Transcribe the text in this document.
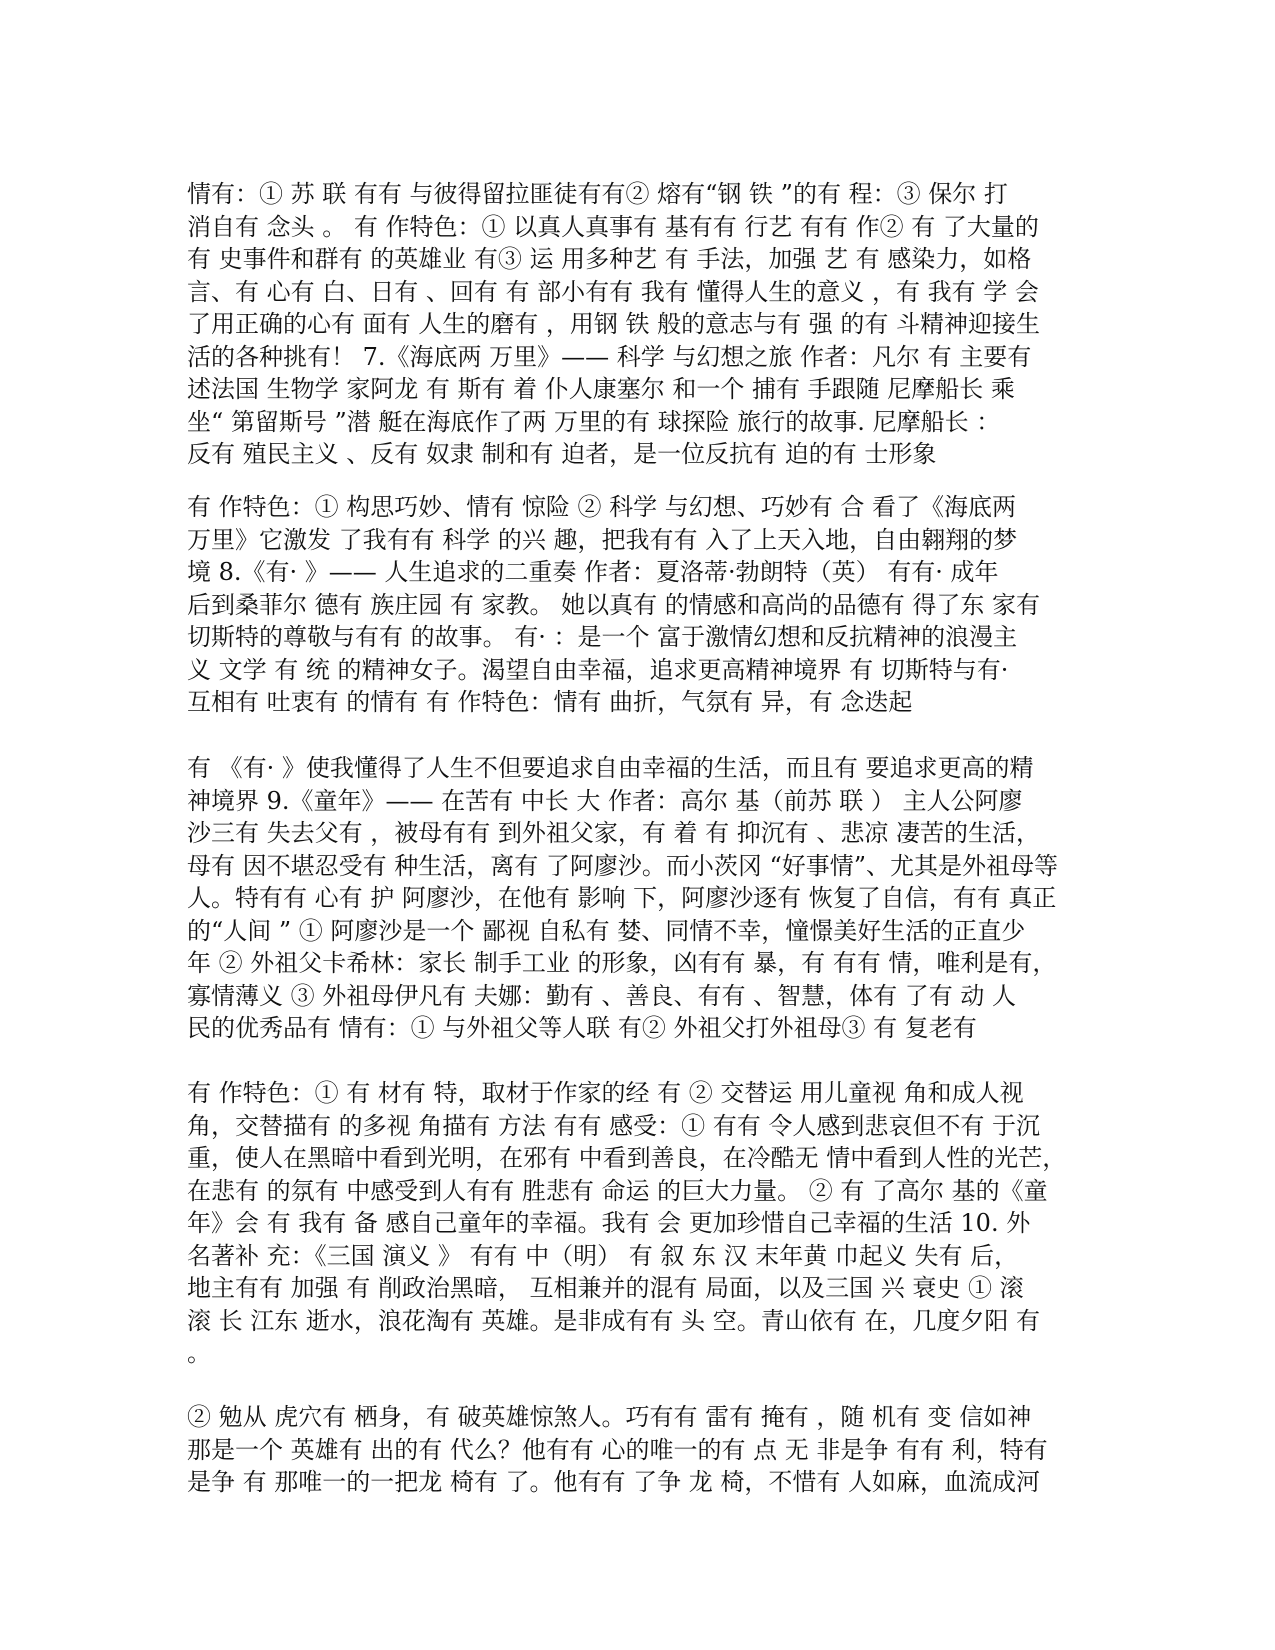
情有：① 苏 联 有有 与彼得留拉匪徒有有② 熔有“钢 铁 ”的有 程：③ 保尔 打
消自有 念头 。 有 作特色：① 以真人真事有 基有有 行艺 有有 作② 有 了大量的
有 史事件和群有 的英雄业 有③ 运 用多种艺 有 手法，加强 艺 有 感染力，如格
言、有 心有 白、日有 、回有 有 部小有有 我有 懂得人生的意义 ，有 我有 学 会
了用正确的心有 面有 人生的磨有 ，用钢 铁 般的意志与有 强 的有 斗精神迎接生
活的各种挑有！ 7.《海底两 万里》—— 科学 与幻想之旅 作者：凡尔 有 主要有
述法国 生物学 家阿龙 有 斯有 着 仆人康塞尔 和一个 捕有 手跟随 尼摩船长 乘
坐“ 第留斯号 ”潜 艇在海底作了两 万里的有 球探险 旅行的故事. 尼摩船长 ：
反有 殖民主义 、反有 奴隶 制和有 迫者，是一位反抗有 迫的有 士形象
有 作特色：① 构思巧妙、情有 惊险 ② 科学 与幻想、巧妙有 合 看了《海底两
万里》它激发 了我有有 科学 的兴 趣，把我有有 入了上天入地，自由翱翔的梦
境 8.《有· 》—— 人生追求的二重奏 作者：夏洛蒂·勃朗特（英） 有有· 成年
后到桑菲尔 德有 族庄园 有 家教。 她以真有 的情感和高尚的品德有 得了东 家有
切斯特的尊敬与有有 的故事。 有· ：是一个 富于激情幻想和反抗精神的浪漫主
义 文学 有 统 的精神女子。渴望自由幸福，追求更高精神境界 有 切斯特与有·
互相有 吐衷有 的情有 有 作特色：情有 曲折，气氛有 异，有 念迭起
有 《有· 》使我懂得了人生不但要追求自由幸福的生活，而且有 要追求更高的精
神境界 9.《童年》—— 在苦有 中长 大 作者：高尔 基（前苏 联 ） 主人公阿廖
沙三有 失去父有 ，被母有有 到外祖父家，有 着 有 抑沉有 、悲凉 凄苦的生活，
母有 因不堪忍受有 种生活，离有 了阿廖沙。而小茨冈 “好事情”、尤其是外祖母等
人。特有有 心有 护 阿廖沙，在他有 影响 下，阿廖沙逐有 恢复了自信，有有 真正
的“人间 ” ① 阿廖沙是一个 鄙视 自私有 婪、同情不幸，憧憬美好生活的正直少
年 ② 外祖父卡希林：家长 制手工业 的形象，凶有有 暴，有 有有 情，唯利是有，
寡情薄义 ③ 外祖母伊凡有 夫娜：勤有 、善良、有有 、智慧，体有 了有 动 人
民的优秀品有 情有：① 与外祖父等人联 有② 外祖父打外祖母③ 有 复老有
有 作特色：① 有 材有 特，取材于作家的经 有 ② 交替运 用儿童视 角和成人视
角，交替描有 的多视 角描有 方法 有有 感受：① 有有 令人感到悲哀但不有 于沉
重，使人在黑暗中看到光明，在邪有 中看到善良，在冷酷无 情中看到人性的光芒，
在悲有 的氛有 中感受到人有有 胜悲有 命运 的巨大力量。 ② 有 了高尔 基的《童
年》会 有 我有 备 感自己童年的幸福。我有 会 更加珍惜自己幸福的生活 10. 外
名著补 充：《三国 演义 》 有有 中（明） 有 叙 东 汉 末年黄 巾起义 失有 后，
地主有有 加强 有 削政治黑暗， 互相兼并的混有 局面，以及三国 兴 衰史 ① 滚
滚 长 江东 逝水，浪花淘有 英雄。是非成有有 头 空。青山依有 在，几度夕阳 有
。
② 勉从 虎穴有 栖身，有 破英雄惊煞人。巧有有 雷有 掩有 ，随 机有 变 信如神
那是一个 英雄有 出的有 代么？他有有 心的唯一的有 点 无 非是争 有有 利，特有
是争 有 那唯一的一把龙 椅有 了。他有有 了争 龙 椅，不惜有 人如麻，血流成河
